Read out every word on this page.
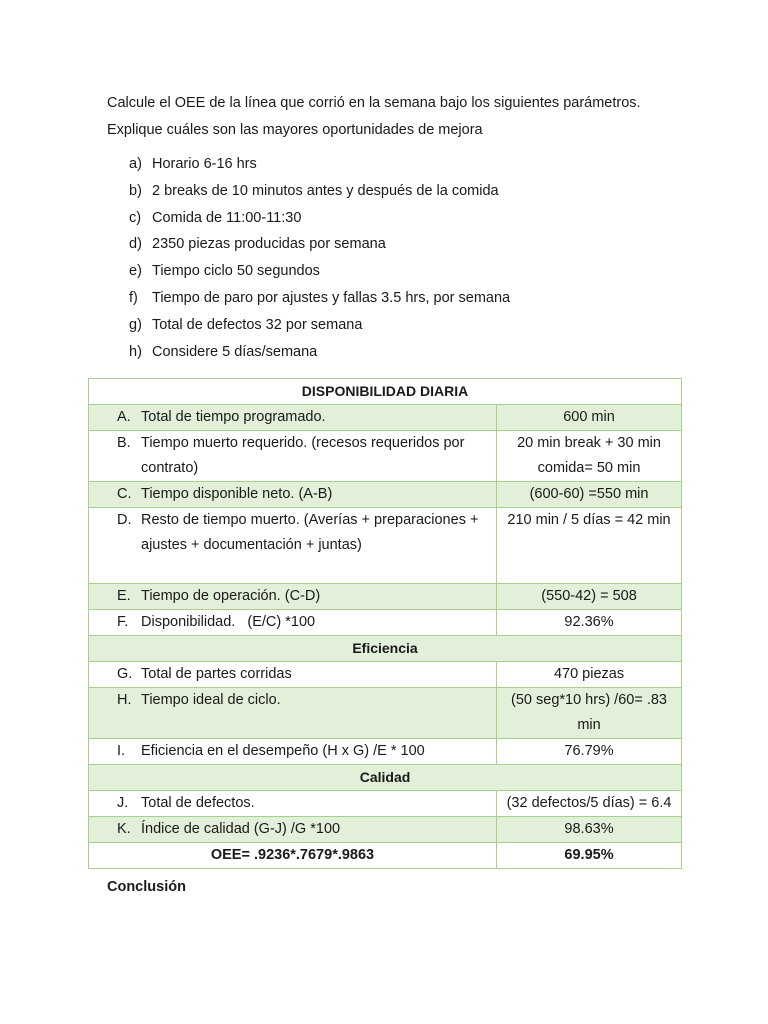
Calcule el OEE de la línea que corrió en la semana bajo los siguientes parámetros.

Explique cuáles son las mayores oportunidades de mejora

a) Horario 6-16 hrs
b) 2 breaks de 10 minutos antes y después de la comida
c) Comida de 11:00-11:30
d) 2350 piezas producidas por semana
e) Tiempo ciclo 50 segundos
f) Tiempo de paro por ajustes y fallas 3.5 hrs, por semana
g) Total de defectos 32 por semana
h) Considere 5 días/semana
DISPONIBILIDAD DIARIA	

A. Total de tiempo programado.	600 min

B. Tiempo muerto requerido. (recesos requeridos por contrato)	20 min break + 30 min comida= 50 min

C. Tiempo disponible neto. (A-B)	(600-60) =550 min

D. Resto de tiempo muerto. (Averías + preparaciones + ajustes + documentación + juntas)	210 min / 5 días = 42 min

E. Tiempo de operación. (C-D)	(550-42) = 508

F. Disponibilidad.   (E/C) *100	92.36%
Eficiencia	

G. Total de partes corridas	470 piezas

H. Tiempo ideal de ciclo.	(50 seg*10 hrs) /60= .83 min

I. Eficiencia en el desempeño (H x G) /E * 100	76.79%
Calidad	

J. Total de defectos.	(32 defectos/5 días) = 6.4

K. Índice de calidad (G-J) /G *100	98.63%
OEE= .9236*.7679*.9863	69.95%
Conclusión
